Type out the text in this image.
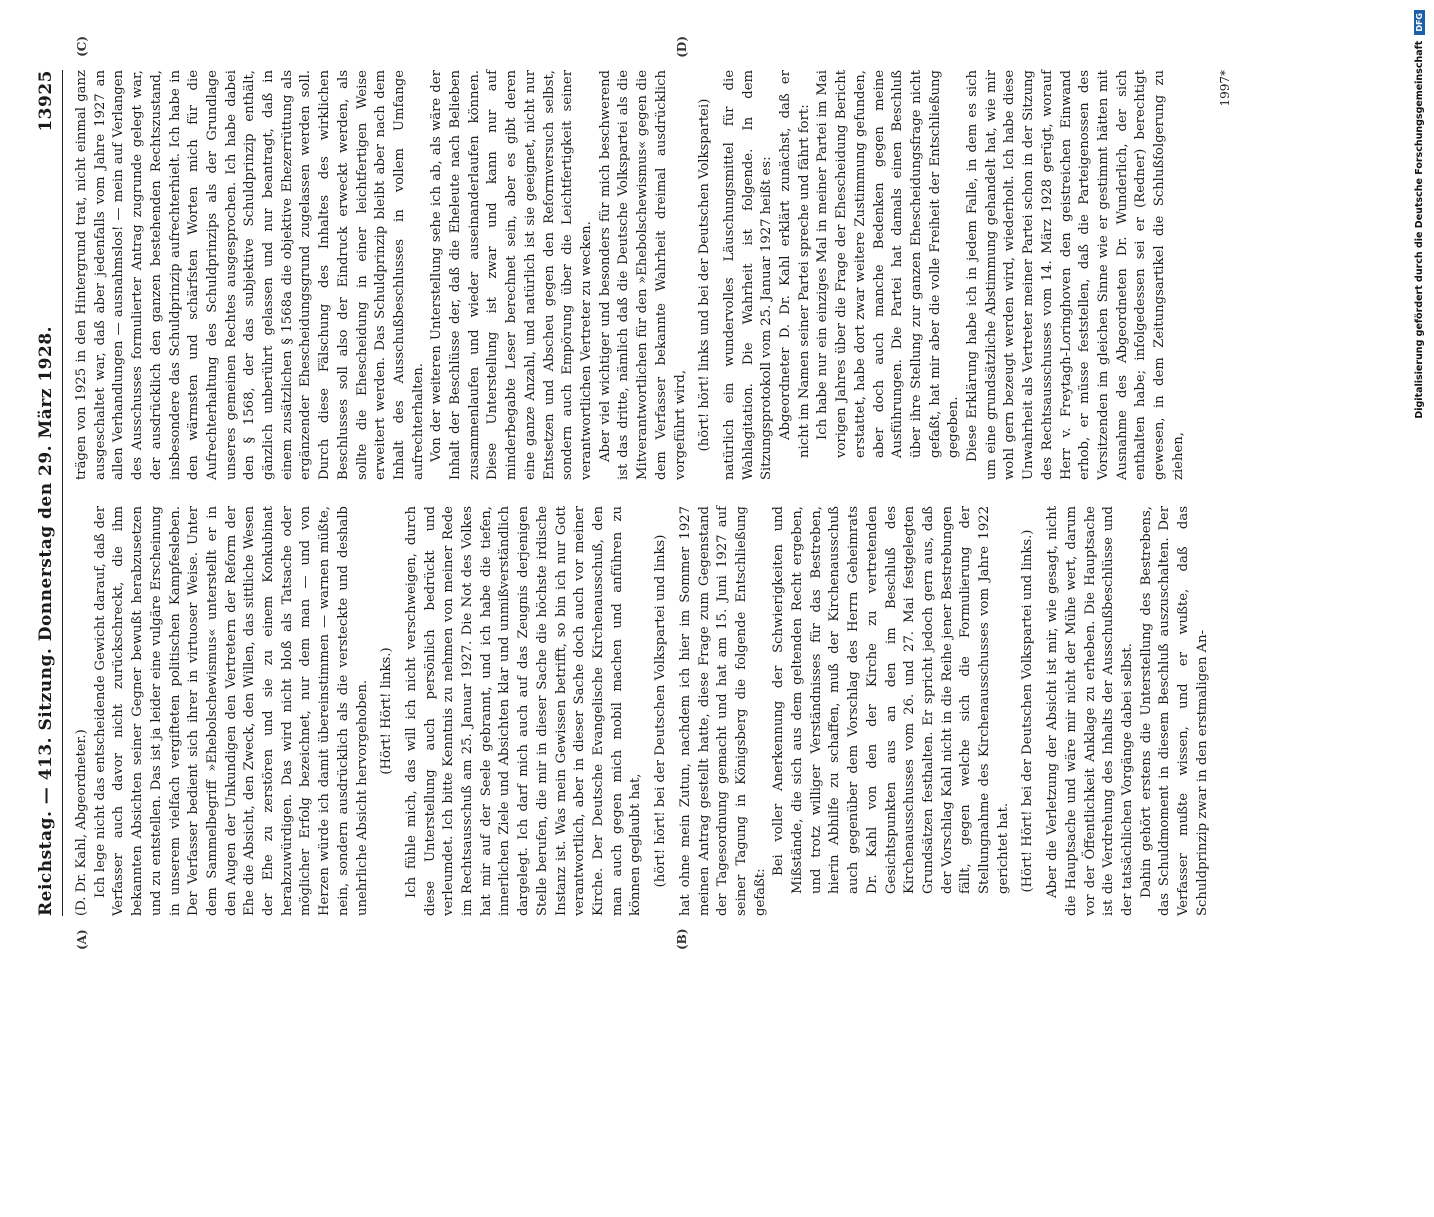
Reichstag. — 413. Sitzung. Donnerstag den 29. März 1928.
13925
(A)	(B)

(D. Dr. Kahl, Abgeordneter.) Ich lege nicht das entscheidende Gewicht darauf, daß der Verfasser auch davor nicht zurückschreckt, die ihm bekannten Absichten seiner Gegner bewußt herabzusetzen und zu entstellen. Das ist ja leider eine vulgäre Erscheinung in unserem vielfach vergifteten politischen Kampfesleben. Der Verfasser bedient sich ihrer in virtuoser Weise. Unter dem Sammelbegriff »Ehebolschewismus« unterstellt er in den Augen der Unkundigen den Vertretern der Reform der Ehe die Absicht, den Zweck, den Willen, das sittliche Wesen der Ehe zu zerstören und sie zu einem Konkubinat herabzuwürdigen. Das wird nicht bloß als Tatsache oder möglicher Erfolg bezeichnet, nur dem man — und von Herzen würde ich damit übereinstimmen — warnen müßte, nein, sondern ausdrücklich als die versteckte und deshalb unehrliche Absicht hervorgehoben. (Hört! Hört! links.) Ich fühle mich, das will ich nicht verschweigen, durch diese Unterstellung auch persönlich bedrückt und verleumdet. Ich bitte Kenntnis zu nehmen von meiner Rede im Rechtsausschuß am 25. Januar 1927. Die Not des Volkes hat mir auf der Seele gebrannt, und ich habe die tiefen, innerlichen Ziele und Absichten klar und unmißverständlich dargelegt. Ich darf mich auch auf das Zeugnis derjenigen Stelle berufen, die mir in dieser Sache die höchste irdische Instanz ist. Was mein Gewissen betrifft, so bin ich nur Gott verantwortlich, aber in dieser Sache doch auch vor meiner Kirche. Der Deutsche Evangelische Kirchenausschuß, den man auch gegen mich mobil machen und anführen zu können geglaubt hat, (hört! hört! bei der Deutschen Volkspartei und links) hat ohne mein Zutun, nachdem ich hier im Sommer 1927 meinen Antrag gestellt hatte, diese Frage zum Gegenstand der Tagesordnung gemacht und hat am 15. Juni 1927 auf seiner Tagung in Königsberg die folgende Entschließung gefaßt:

Bei voller Anerkennung der Schwierigkeiten und Mißstände, die sich aus dem geltenden Recht ergeben, und trotz williger Verständnisses für das Bestreben, hierin Abhilfe zu schaffen, muß der Kirchenausschuß auch gegenüber dem Vorschlag des Herrn Geheimrats Dr. Kahl von den der Kirche zu vertretenden Gesichtspunkten aus an den im Beschluß des Kirchenausschusses vom 26. und 27. Mai festgelegten Grundsätzen festhalten. Er spricht jedoch gern aus, daß der Vorschlag Kahl nicht in die Reihe jener Bestrebungen fällt, gegen welche sich die Formulierung der Stellungnahme des Kirchenausschusses vom Jahre 1922 gerichtet hat. (Hört! Hört! bei der Deutschen Volkspartei und links.) Aber die Verletzung der Absicht ist mir, wie gesagt, nicht die Hauptsache und wäre mir nicht der Mühe wert, darum vor der Öffentlichkeit Anklage zu erheben. Die Hauptsache ist die Verdrehung des Inhalts der Ausschußbeschlüsse und der tatsächlichen Vorgänge dabei selbst. Dahin gehört erstens die Unterstellung des Bestrebens, das Schuldmoment in diesem Beschluß auszuschalten. Der Verfasser mußte wissen, und er wußte, daß das Schuldprinzip zwar in den erstmaligen An-

(C)	(D)

trägen von 1925 in den Hintergrund trat, nicht einmal ganz ausgeschaltet war, daß aber jedenfalls vom Jahre 1927 an allen Verhandlungen — ausnahmslos! — mein auf Verlangen des Ausschusses formulierter Antrag zugrunde gelegt war, der ausdrücklich den ganzen bestehenden Rechtszustand, insbesondere das Schuldprinzip aufrechterhielt. Ich habe in den wärmsten und schärfsten Worten mich für die Aufrechterhaltung des Schuldprinzips als der Grundlage unseres gemeinen Rechtes ausgesprochen. Ich habe dabei den § 1568, der das subjektive Schuldprinzip enthält, gänzlich unberührt gelassen und nur beantragt, daß in einem zusätzlichen § 1568a die objektive Ehezerrüttung als ergänzender Ehescheidungsgrund zugelassen werden soll. Durch diese Fälschung des Inhaltes des wirklichen Beschlusses soll also der Eindruck erweckt werden, als sollte die Ehescheidung in einer leichtfertigen Weise erweitert werden. Das Schuldprinzip bleibt aber nach dem Inhalt des Ausschußbeschlusses in vollem Umfange aufrechterhalten. Von der weiteren Unterstellung sehe ich ab, als wäre der Inhalt der Beschlüsse der, daß die Eheleute nach Belieben zusammenlaufen und wieder auseinanderlaufen können. Diese Unterstellung ist zwar und kann nur auf minderbegabte Leser berechnet sein, aber es gibt deren eine ganze Anzahl, und natürlich ist sie geeignet, nicht nur Entsetzen und Abscheu gegen den Reformversuch selbst, sondern auch Empörung über die Leichtfertigkeit seiner verantwortlichen Vertreter zu wecken. Aber viel wichtiger und besonders für mich beschwerend ist das dritte, nämlich daß die Deutsche Volkspartei als die Mitverantwortlichen für den »Ehebolschewismus« gegen die dem Verfasser bekannte Wahrheit dreimal ausdrücklich vorgeführt wird, (hört! hört! links und bei der Deutschen Volkspartei) natürlich ein wundervolles Läuschungsmittel für die Wahlagitation. Die Wahrheit ist folgende. In dem Sitzungsprotokoll vom 25. Januar 1927 heißt es: Abgeordneter D. Dr. Kahl erklärt zunächst, daß er nicht im Namen seiner Partei spreche und fährt fort: Ich habe nur ein einziges Mal in meiner Partei im Mai vorigen Jahres über die Frage der Ehescheidung Bericht erstattet, habe dort zwar weitere Zustimmung gefunden, aber doch auch manche Bedenken gegen meine Ausführungen. Die Partei hat damals einen Beschluß über ihre Stellung zur ganzen Ehescheidungsfrage nicht gefaßt, hat mir aber die volle Freiheit der Entschließung gegeben. Diese Erklärung habe ich in jedem Falle, in dem es sich um eine grundsätzliche Abstimmung gehandelt hat, wie mir wohl gern bezeugt werden wird, wiederholt. Ich habe diese Unwahrheit als Vertreter meiner Partei schon in der Sitzung des Rechtsausschusses vom 14. März 1928 gerügt, worauf Herr v. Freytagh-Loringhoven den geistreichen Einwand erhob, er müsse feststellen, daß die Parteigenossen des Vorsitzenden im gleichen Sinne wie er gestimmt hätten mit Ausnahme des Abgeordneten Dr. Wunderlich, der sich enthalten habe; infolgedessen sei er (Redner) berechtigt gewesen, in dem Zeitungsartikel die Schlußfolgerung zu ziehen,

1997*	Digitalisierung gefördert durch die Deutsche Forschungsgemeinschaft
DFG
